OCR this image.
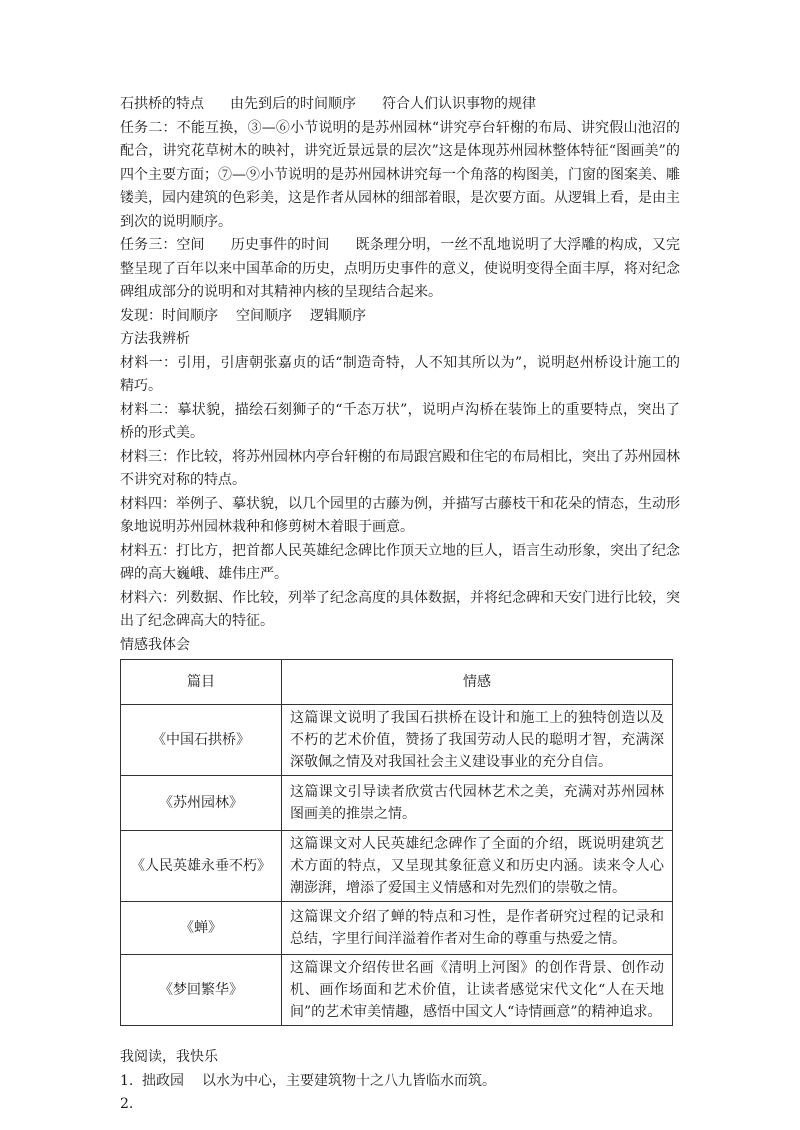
石拱桥的特点 由先到后的时间顺序 符合人们认识事物的规律

任务二：不能互换，③—⑥小节说明的是苏州园林“讲究亭台轩榭的布局、讲究假山池沼的配合，讲究花草树木的映衬，讲究近景远景的层次”这是体现苏州园林整体特征“图画美”的四个主要方面；⑦—⑨小节说明的是苏州园林讲究每一个角落的构图美，门窗的图案美、雕镂美，园内建筑的色彩美，这是作者从园林的细部着眼，是次要方面。从逻辑上看，是由主到次的说明顺序。

任务三：空间 历史事件的时间 既条理分明，一丝不乱地说明了大浮雕的构成，又完整呈现了百年以来中国革命的历史，点明历史事件的意义，使说明变得全面丰厚，将对纪念碑组成部分的说明和对其精神内核的呈现结合起来。

发现：时间顺序 空间顺序 逻辑顺序

方法我辨析

材料一：引用，引唐朝张嘉贞的话“制造奇特，人不知其所以为”，说明赵州桥设计施工的精巧。

材料二：摹状貌，描绘石刻狮子的“千态万状”，说明卢沟桥在装饰上的重要特点，突出了桥的形式美。

材料三：作比较，将苏州园林内亭台轩榭的布局跟宫殿和住宅的布局相比，突出了苏州园林不讲究对称的特点。

材料四：举例子、摹状貌，以几个园里的古藤为例，并描写古藤枝干和花朵的情态，生动形象地说明苏州园林栽种和修剪树木着眼于画意。

材料五：打比方，把首都人民英雄纪念碑比作顶天立地的巨人，语言生动形象，突出了纪念碑的高大巍峨、雄伟庄严。

材料六：列数据、作比较，列举了纪念高度的具体数据，并将纪念碑和天安门进行比较，突出了纪念碑高大的特征。

情感我体会

篇目	情感
《中国石拱桥》	这篇课文说明了我国石拱桥在设计和施工上的独特创造以及不朽的艺术价值，赞扬了我国劳动人民的聪明才智，充满深深敬佩之情及对我国社会主义建设事业的充分自信。
《苏州园林》	这篇课文引导读者欣赏古代园林艺术之美，充满对苏州园林图画美的推崇之情。
《人民英雄永垂不朽》	这篇课文对人民英雄纪念碑作了全面的介绍，既说明建筑艺术方面的特点，又呈现其象征意义和历史内涵。读来令人心潮澎湃，增添了爱国主义情感和对先烈们的崇敬之情。
《蝉》	这篇课文介绍了蝉的特点和习性，是作者研究过程的记录和总结，字里行间洋溢着作者对生命的尊重与热爱之情。
《梦回繁华》	这篇课文介绍传世名画《清明上河图》的创作背景、创作动机、画作场面和艺术价值，让读者感觉宋代文化“人在天地间”的艺术审美情趣，感悟中国文人“诗情画意”的精神追求。

我阅读，我快乐

1. 拙政园 以水为中心，主要建筑物十之八九皆临水而筑。

2.
